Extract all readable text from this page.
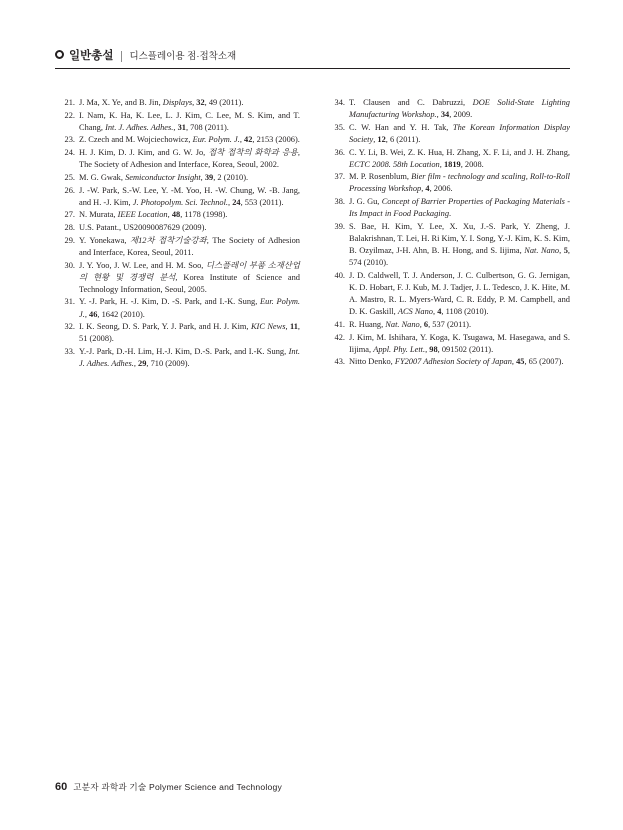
일반총설 디스플레이용 점·접착소재
21. J. Ma, X. Ye, and B. Jin, Displays, 32, 49 (2011).
22. I. Nam, K. Ha, K. Lee, L. J. Kim, C. Lee, M. S. Kim, and T. Chang, Int. J. Adhes. Adhes., 31, 708 (2011).
23. Z. Czech and M. Wojciechowicz, Eur. Polym. J., 42, 2153 (2006).
24. H. J. Kim, D. J. Kim, and G. W. Jo, 접착 접착의 화학과 응용, The Society of Adhesion and Interface, Korea, Seoul, 2002.
25. M. G. Gwak, Semiconductor Insight, 39, 2 (2010).
26. J. -W. Park, S.-W. Lee, Y. -M. Yoo, H. -W. Chung, W. -B. Jang, and H. -J. Kim, J. Photopolym. Sci. Technol., 24, 553 (2011).
27. N. Murata, IEEE Location, 48, 1178 (1998).
28. U.S. Patant., US20090087629 (2009).
29. Y. Yonekawa, 제12차 접착기술강좌, The Society of Adhesion and Interface, Korea, Seoul, 2011.
30. J. Y. Yoo, J. W. Lee, and H. M. Soo, 디스플레이 부품 소재산업의 현황 및 경쟁력 분석, Korea Institute of Science and Technology Information, Seoul, 2005.
31. Y. -J. Park, H. -J. Kim, D. -S. Park, and I.-K. Sung, Eur. Polym. J., 46, 1642 (2010).
32. I. K. Seong, D. S. Park, Y. J. Park, and H. J. Kim, KIC News, 11, 51 (2008).
33. Y.-J. Park, D.-H. Lim, H.-J. Kim, D.-S. Park, and I.-K. Sung, Int. J. Adhes. Adhes., 29, 710 (2009).
34. T. Clausen and C. Dabruzzi, DOE Solid-State Lighting Manufacturing Workshop., 34, 2009.
35. C. W. Han and Y. H. Tak, The Korean Information Display Society, 12, 6 (2011).
36. C. Y. Li, B. Wei, Z. K. Hua, H. Zhang, X. F. Li, and J. H. Zhang, ECTC 2008. 58th Location, 1819, 2008.
37. M. P. Rosenblum, Bier film - technology and scaling, Roll-to-Roll Processing Workshop, 4, 2006.
38. J. G. Gu, Concept of Barrier Properties of Packaging Materials - Its Impact in Food Packaging.
39. S. Bae, H. Kim, Y. Lee, X. Xu, J.-S. Park, Y. Zheng, J. Balakrishnan, T. Lei, H. Ri Kim, Y. I. Song, Y.-J. Kim, K. S. Kim, B. Ozyilmaz, J-H. Ahn, B. H. Hong, and S. Iijima, Nat. Nano, 5, 574 (2010).
40. J. D. Caldwell, T. J. Anderson, J. C. Culbertson, G. G. Jernigan, K. D. Hobart, F. J. Kub, M. J. Tadjer, J. L. Tedesco, J. K. Hite, M. A. Mastro, R. L. Myers-Ward, C. R. Eddy, P. M. Campbell, and D. K. Gaskill, ACS Nano, 4, 1108 (2010).
41. R. Huang, Nat. Nano, 6, 537 (2011).
42. J. Kim, M. Ishihara, Y. Koga, K. Tsugawa, M. Hasegawa, and S. Iijima, Appl. Phy. Lett., 98, 091502 (2011).
43. Nitto Denko, FY2007 Adhesion Society of Japan, 45, 65 (2007).
60 고분자 과학과 기술 Polymer Science and Technology
